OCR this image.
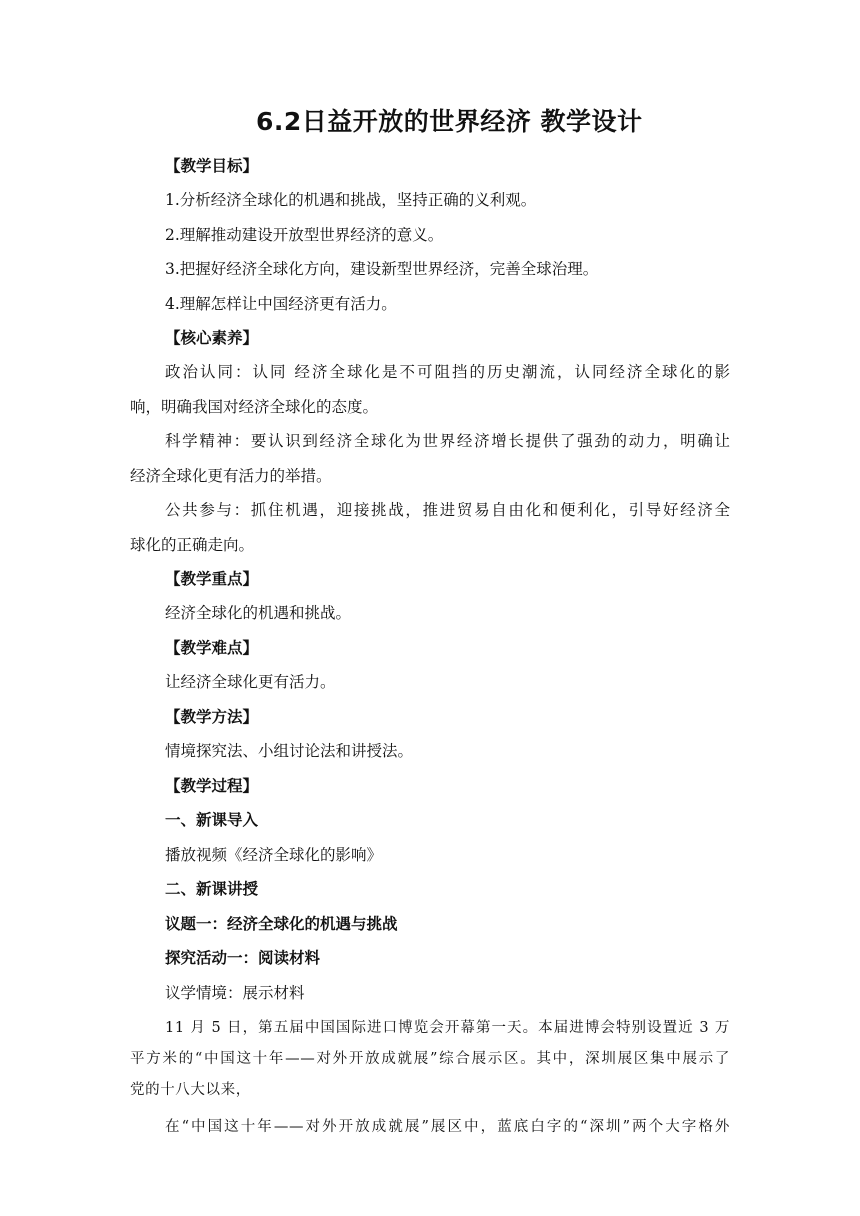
6.2日益开放的世界经济 教学设计
【教学目标】
1.分析经济全球化的机遇和挑战，坚持正确的义利观。
2.理解推动建设开放型世界经济的意义。
3.把握好经济全球化方向，建设新型世界经济，完善全球治理。
4.理解怎样让中国经济更有活力。
【核心素养】
政治认同：认同 经济全球化是不可阻挡的历史潮流，认同经济全球化的影
响，明确我国对经济全球化的态度。
科学精神：要认识到经济全球化为世界经济增长提供了强劲的动力，明确让
经济全球化更有活力的举措。
公共参与：抓住机遇，迎接挑战，推进贸易自由化和便利化，引导好经济全
球化的正确走向。
【教学重点】
经济全球化的机遇和挑战。
【教学难点】
让经济全球化更有活力。
【教学方法】
情境探究法、小组讨论法和讲授法。
【教学过程】
一、新课导入
播放视频《经济全球化的影响》
二、新课讲授
议题一：经济全球化的机遇与挑战
探究活动一：阅读材料
议学情境：展示材料
11 月 5 日，第五届中国国际进口博览会开幕第一天。本届进博会特别设置近 3 万
平方米的“中国这十年——对外开放成就展”综合展示区。其中，深圳展区集中展示了
党的十八大以来，
在“中国这十年——对外开放成就展”展区中，蓝底白字的“深圳”两个大字格外
